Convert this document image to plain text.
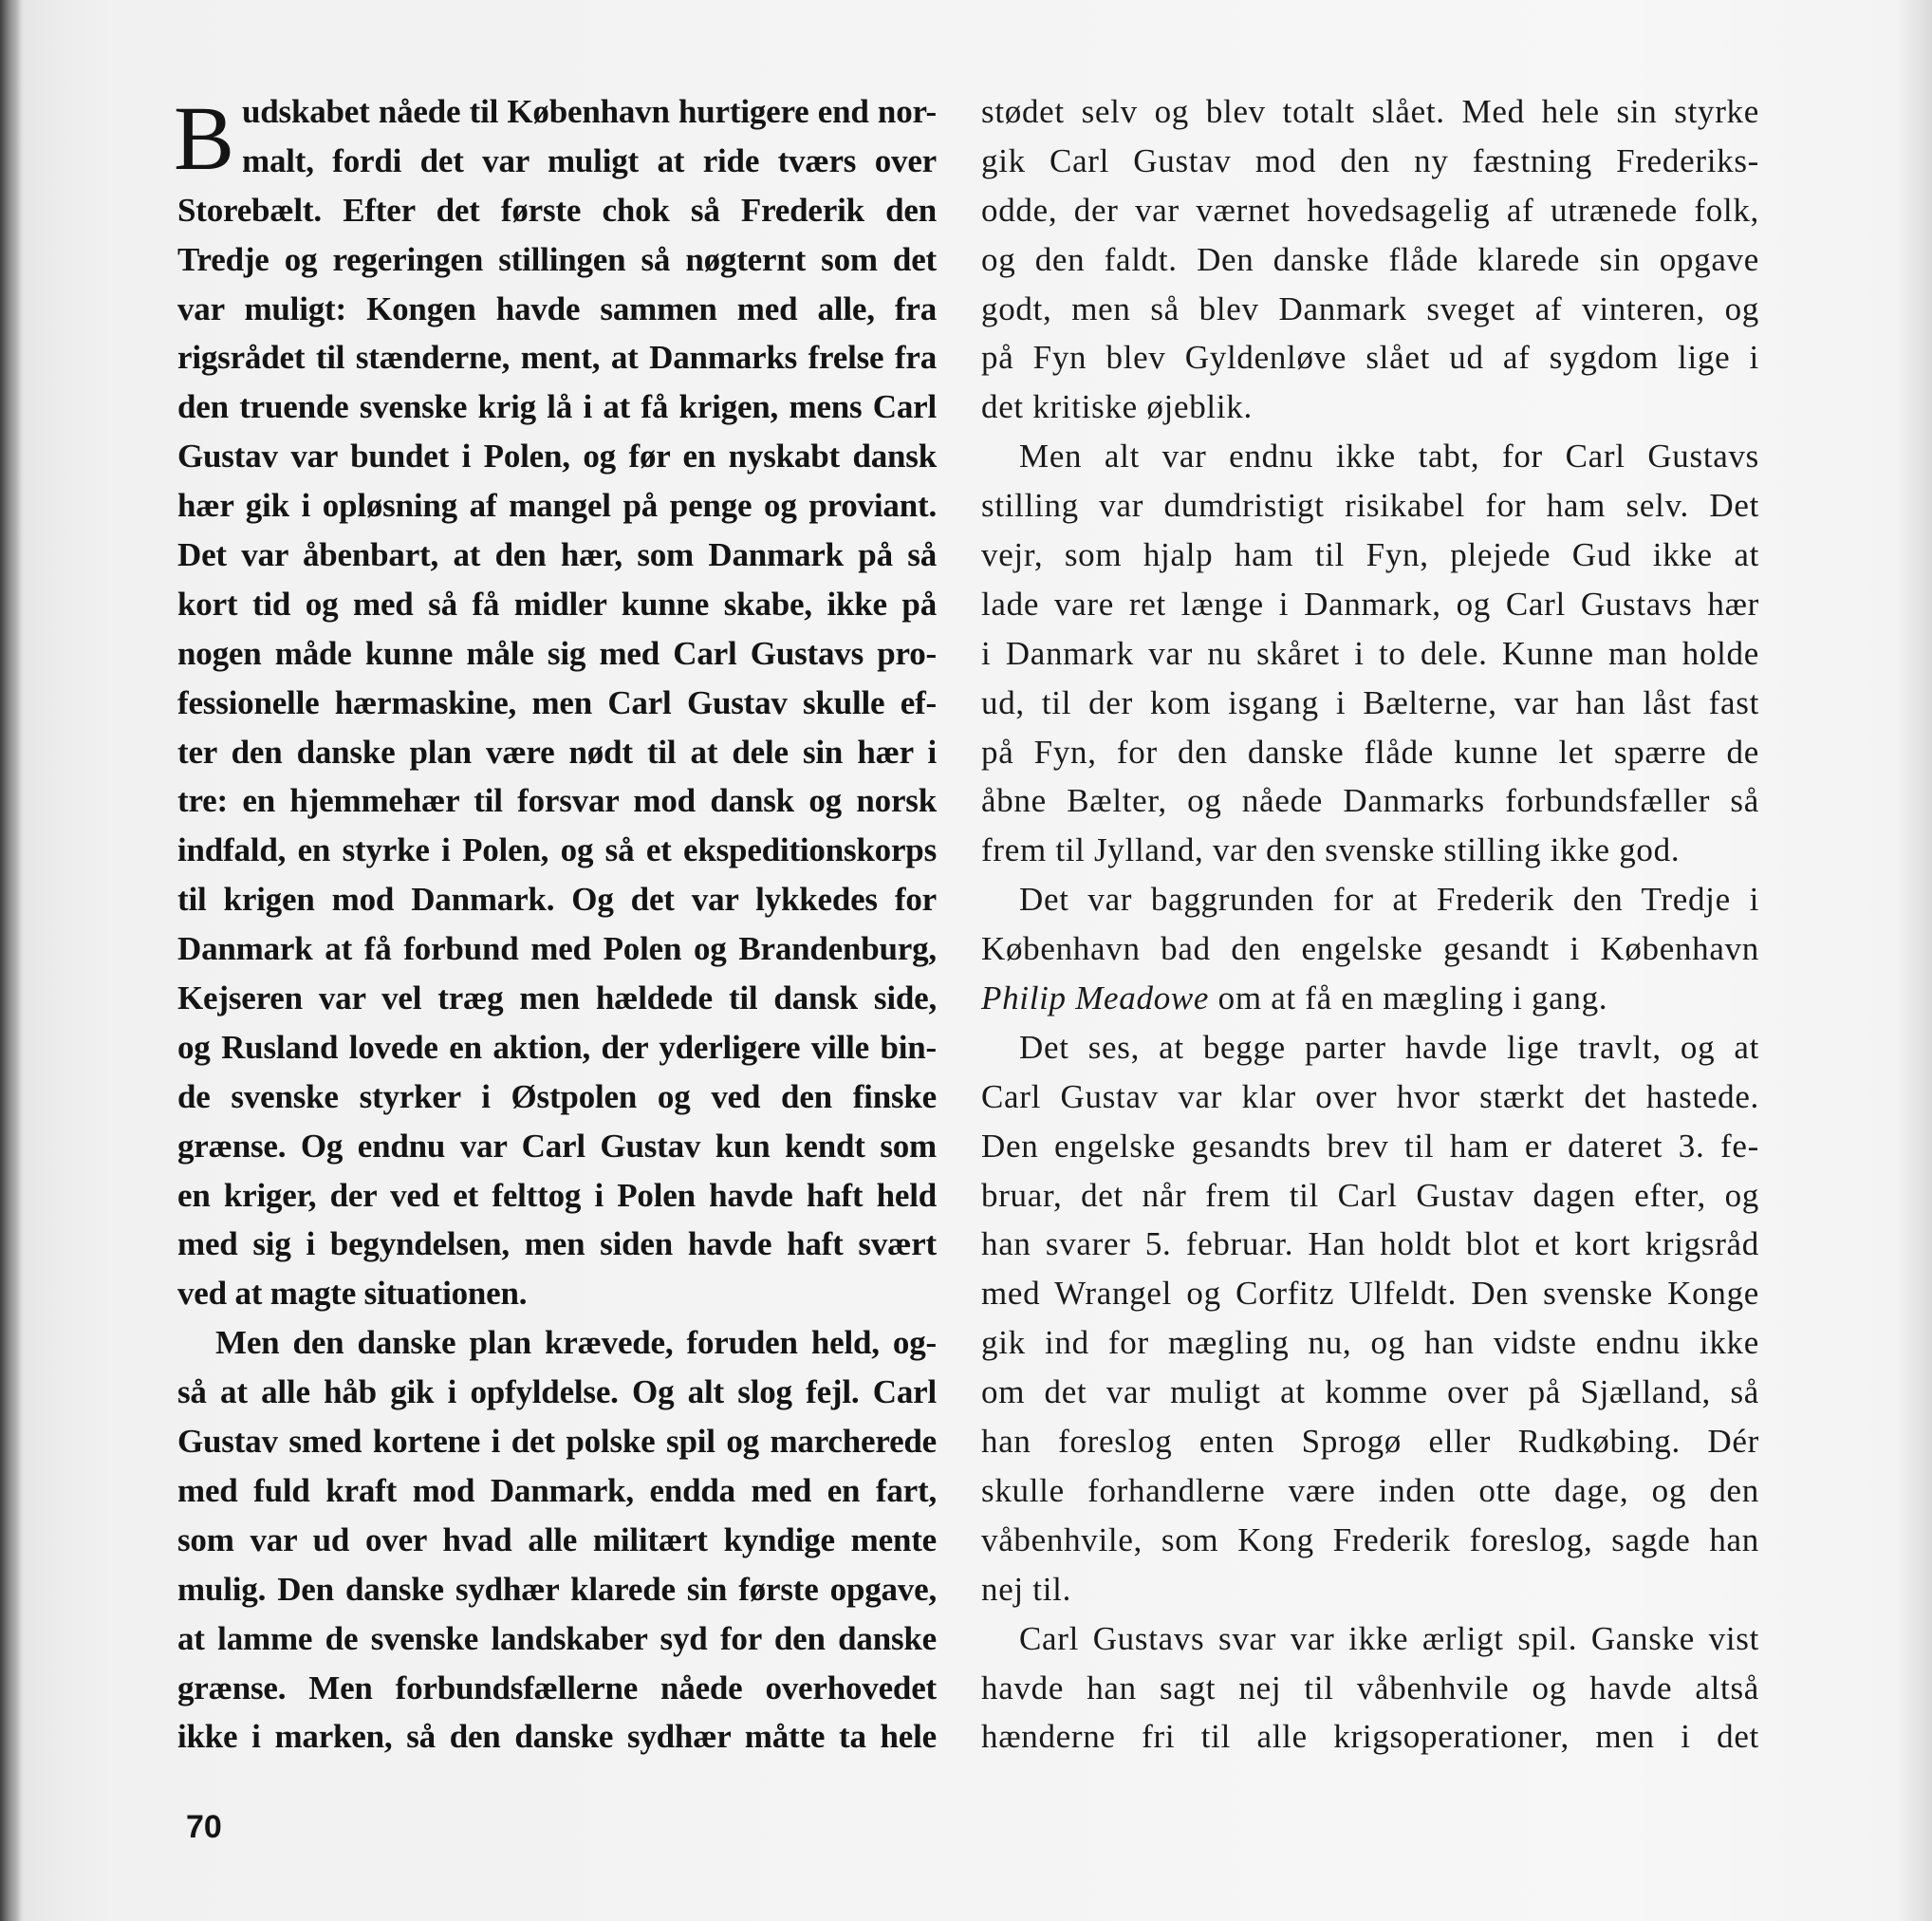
B udskabet nåede til København hurtigere end nor-
malt, fordi det var muligt at ride tværs over
Storebælt. Efter det første chok så Frederik den
Tredje og regeringen stillingen så nøgternt som det
var muligt: Kongen havde sammen med alle, fra
rigsrådet til stænderne, ment, at Danmarks frelse fra
den truende svenske krig lå i at få krigen, mens Carl
Gustav var bundet i Polen, og før en nyskabt dansk
hær gik i opløsning af mangel på penge og proviant.
Det var åbenbart, at den hær, som Danmark på så
kort tid og med så få midler kunne skabe, ikke på
nogen måde kunne måle sig med Carl Gustavs pro-
fessionelle hærmaskine, men Carl Gustav skulle ef-
ter den danske plan være nødt til at dele sin hær i
tre: en hjemmehær til forsvar mod dansk og norsk
indfald, en styrke i Polen, og så et ekspeditionskorps
til krigen mod Danmark. Og det var lykkedes for
Danmark at få forbund med Polen og Brandenburg,
Kejseren var vel træg men hældede til dansk side,
og Rusland lovede en aktion, der yderligere ville bin-
de svenske styrker i Østpolen og ved den finske
grænse. Og endnu var Carl Gustav kun kendt som
en kriger, der ved et felttog i Polen havde haft held
med sig i begyndelsen, men siden havde haft svært
ved at magte situationen.
Men den danske plan krævede, foruden held, og-
så at alle håb gik i opfyldelse. Og alt slog fejl. Carl
Gustav smed kortene i det polske spil og marcherede
med fuld kraft mod Danmark, endda med en fart,
som var ud over hvad alle militært kyndige mente
mulig. Den danske sydhær klarede sin første opgave,
at lamme de svenske landskaber syd for den danske
grænse. Men forbundsfællerne nåede overhovedet
ikke i marken, så den danske sydhær måtte ta hele
stødet selv og blev totalt slået. Med hele sin styrke
gik Carl Gustav mod den ny fæstning Frederiks-
odde, der var værnet hovedsagelig af utrænede folk,
og den faldt. Den danske flåde klarede sin opgave
godt, men så blev Danmark sveget af vinteren, og
på Fyn blev Gyldenløve slået ud af sygdom lige i
det kritiske øjeblik.
Men alt var endnu ikke tabt, for Carl Gustavs
stilling var dumdristigt risikabel for ham selv. Det
vejr, som hjalp ham til Fyn, plejede Gud ikke at
lade vare ret længe i Danmark, og Carl Gustavs hær
i Danmark var nu skåret i to dele. Kunne man holde
ud, til der kom isgang i Bælterne, var han låst fast
på Fyn, for den danske flåde kunne let spærre de
åbne Bælter, og nåede Danmarks forbundsfæller så
frem til Jylland, var den svenske stilling ikke god.
Det var baggrunden for at Frederik den Tredje i
København bad den engelske gesandt i København
Philip Meadowe om at få en mægling i gang.
Det ses, at begge parter havde lige travlt, og at
Carl Gustav var klar over hvor stærkt det hastede.
Den engelske gesandts brev til ham er dateret 3. fe-
bruar, det når frem til Carl Gustav dagen efter, og
han svarer 5. februar. Han holdt blot et kort krigsråd
med Wrangel og Corfitz Ulfeldt. Den svenske Konge
gik ind for mægling nu, og han vidste endnu ikke
om det var muligt at komme over på Sjælland, så
han foreslog enten Sprogø eller Rudkøbing. Dér
skulle forhandlerne være inden otte dage, og den
våbenhvile, som Kong Frederik foreslog, sagde han
nej til.
Carl Gustavs svar var ikke ærligt spil. Ganske vist
havde han sagt nej til våbenhvile og havde altså
hænderne fri til alle krigsoperationer, men i det
70
